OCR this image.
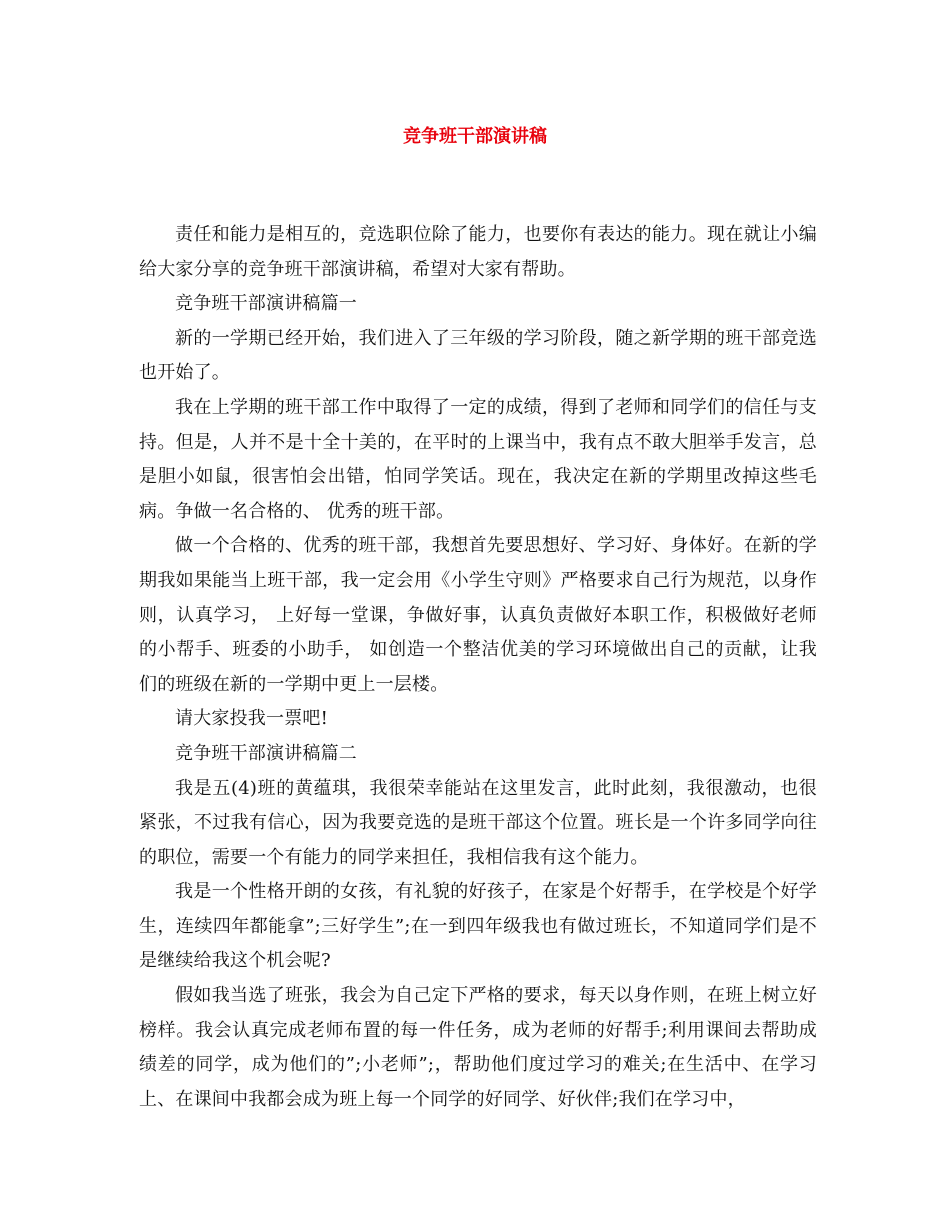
竞争班干部演讲稿

责任和能力是相互的，竞选职位除了能力，也要你有表达的能力。现在就让小编给大家分享的竞争班干部演讲稿，希望对大家有帮助。

竞争班干部演讲稿篇一

新的一学期已经开始，我们进入了三年级的学习阶段，随之新学期的班干部竞选也开始了。

我在上学期的班干部工作中取得了一定的成绩，得到了老师和同学们的信任与支持。但是，人并不是十全十美的，在平时的上课当中，我有点不敢大胆举手发言，总是胆小如鼠，很害怕会出错，怕同学笑话。现在，我决定在新的学期里改掉这些毛病。争做一名合格的、 优秀的班干部。

做一个合格的、优秀的班干部，我想首先要思想好、学习好、身体好。在新的学期我如果能当上班干部，我一定会用《小学生守则》严格要求自己行为规范，以身作则，认真学习， 上好每一堂课，争做好事，认真负责做好本职工作，积极做好老师的小帮手、班委的小助手， 如创造一个整洁优美的学习环境做出自己的贡献，让我们的班级在新的一学期中更上一层楼。

请大家投我一票吧!

竞争班干部演讲稿篇二

我是五(4)班的黄蕴琪，我很荣幸能站在这里发言，此时此刻，我很激动，也很紧张，不过我有信心，因为我要竞选的是班干部这个位置。班长是一个许多同学向往的职位，需要一个有能力的同学来担任，我相信我有这个能力。

我是一个性格开朗的女孩，有礼貌的好孩子，在家是个好帮手，在学校是个好学生，连续四年都能拿”;三好学生”;在一到四年级我也有做过班长，不知道同学们是不是继续给我这个机会呢?

假如我当选了班张，我会为自己定下严格的要求，每天以身作则，在班上树立好榜样。我会认真完成老师布置的每一件任务，成为老师的好帮手;利用课间去帮助成绩差的同学，成为他们的”;小老师”;，帮助他们度过学习的难关;在生活中、在学习上、在课间中我都会成为班上每一个同学的好同学、好伙伴;我们在学习中，
